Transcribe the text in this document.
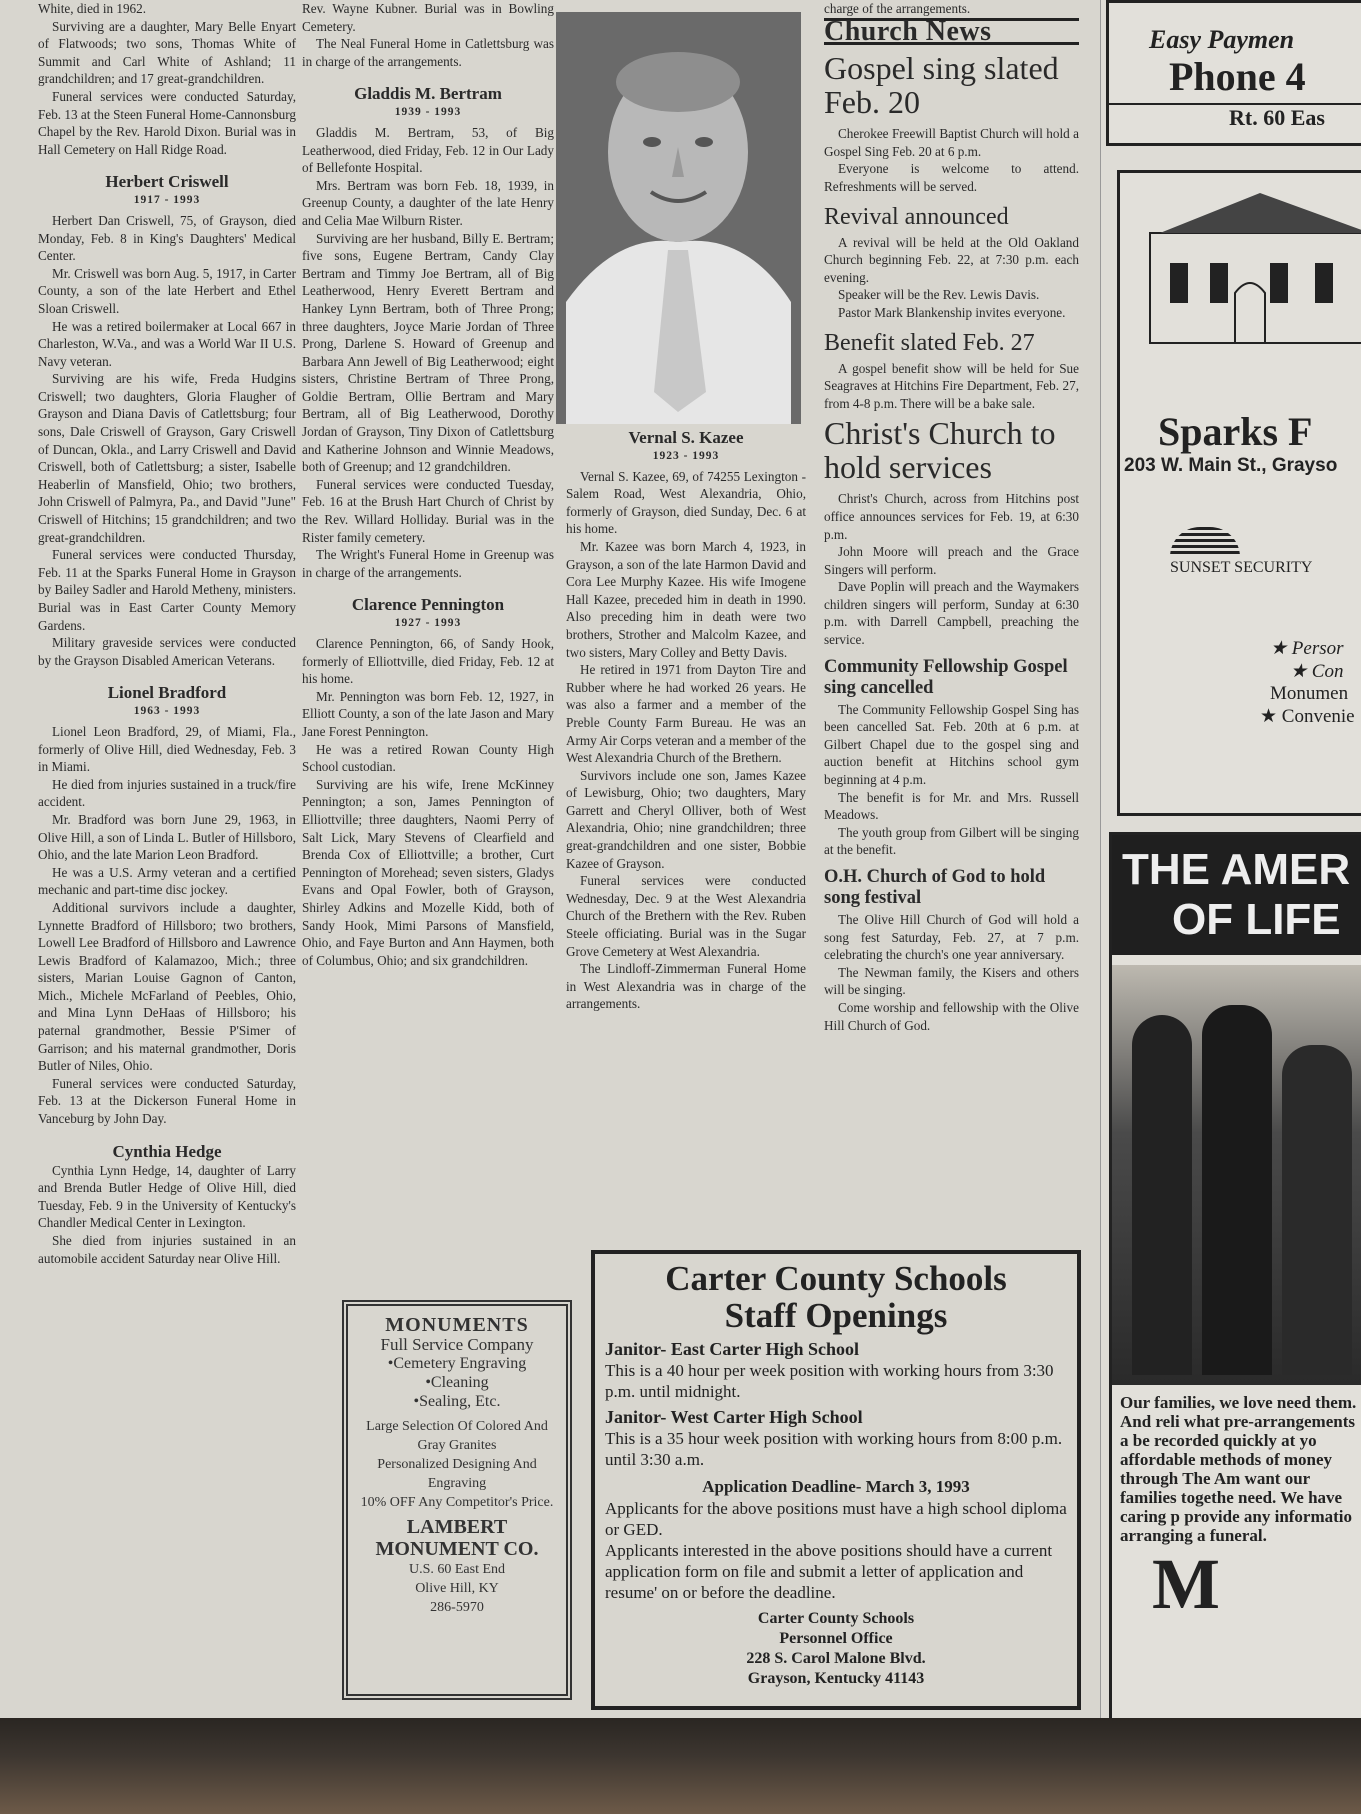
White, died in 1962.

Surviving are a daughter, Mary Belle Enyart of Flatwoods; two sons, Thomas White of Summit and Carl White of Ashland; 11 grandchildren; and 17 great-grandchildren.

Funeral services were conducted Saturday, Feb. 13 at the Steen Funeral Home-Cannonsburg Chapel by the Rev. Harold Dixon. Burial was in Hall Cemetery on Hall Ridge Road.

Herbert Criswell
1917 - 1993

Herbert Dan Criswell, 75, of Grayson, died Monday, Feb. 8 in King's Daughters' Medical Center.

Mr. Criswell was born Aug. 5, 1917, in Carter County, a son of the late Herbert and Ethel Sloan Criswell.

He was a retired boilermaker at Local 667 in Charleston, W.Va., and was a World War II U.S. Navy veteran.

Surviving are his wife, Freda Hudgins Criswell; two daughters, Gloria Flaugher of Grayson and Diana Davis of Catlettsburg; four sons, Dale Criswell of Grayson, Gary Criswell of Duncan, Okla., and Larry Criswell and David Criswell, both of Catlettsburg; a sister, Isabelle Heaberlin of Mansfield, Ohio; two brothers, John Criswell of Palmyra, Pa., and David "June" Criswell of Hitchins; 15 grandchildren; and two great-grandchildren.

Funeral services were conducted Thursday, Feb. 11 at the Sparks Funeral Home in Grayson by Bailey Sadler and Harold Metheny, ministers. Burial was in East Carter County Memory Gardens.

Military graveside services were conducted by the Grayson Disabled American Veterans.

Lionel Bradford
1963 - 1993

Lionel Leon Bradford, 29, of Miami, Fla., formerly of Olive Hill, died Wednesday, Feb. 3 in Miami.

He died from injuries sustained in a truck/fire accident.

Mr. Bradford was born June 29, 1963, in Olive Hill, a son of Linda L. Butler of Hillsboro, Ohio, and the late Marion Leon Bradford.

He was a U.S. Army veteran and a certified mechanic and part-time disc jockey.

Additional survivors include a daughter, Lynnette Bradford of Hillsboro; two brothers, Lowell Lee Bradford of Hillsboro and Lawrence Lewis Bradford of Kalamazoo, Mich.; three sisters, Marian Louise Gagnon of Canton, Mich., Michele McFarland of Peebles, Ohio, and Mina Lynn DeHaas of Hillsboro; his paternal grandmother, Bessie P'Simer of Garrison; and his maternal grandmother, Doris Butler of Niles, Ohio.

Funeral services were conducted Saturday, Feb. 13 at the Dickerson Funeral Home in Vanceburg by John Day.

Cynthia Hedge

Cynthia Lynn Hedge, 14, daughter of Larry and Brenda Butler Hedge of Olive Hill, died Tuesday, Feb. 9 in the University of Kentucky's Chandler Medical Center in Lexington.

She died from injuries sustained in an automobile accident Saturday near Olive Hill.

Rev. Wayne Kubner. Burial was in Bowling Cemetery.

The Neal Funeral Home in Catlettsburg was in charge of the arrangements.

Gladdis M. Bertram
1939 - 1993

Gladdis M. Bertram, 53, of Big Leatherwood, died Friday, Feb. 12 in Our Lady of Bellefonte Hospital.

Mrs. Bertram was born Feb. 18, 1939, in Greenup County, a daughter of the late Henry and Celia Mae Wilburn Rister.

Surviving are her husband, Billy E. Bertram; five sons, Eugene Bertram, Candy Clay Bertram and Timmy Joe Bertram, all of Big Leatherwood, Henry Everett Bertram and Hankey Lynn Bertram, both of Three Prong; three daughters, Joyce Marie Jordan of Three Prong, Darlene S. Howard of Greenup and Barbara Ann Jewell of Big Leatherwood; eight sisters, Christine Bertram of Three Prong, Goldie Bertram, Ollie Bertram and Mary Bertram, all of Big Leatherwood, Dorothy Jordan of Grayson, Tiny Dixon of Catlettsburg and Katherine Johnson and Winnie Meadows, both of Greenup; and 12 grandchildren.

Funeral services were conducted Tuesday, Feb. 16 at the Brush Hart Church of Christ by the Rev. Willard Holliday. Burial was in the Rister family cemetery.

The Wright's Funeral Home in Greenup was in charge of the arrangements.

Clarence Pennington
1927 - 1993

Clarence Pennington, 66, of Sandy Hook, formerly of Elliottville, died Friday, Feb. 12 at his home.

Mr. Pennington was born Feb. 12, 1927, in Elliott County, a son of the late Jason and Mary Jane Forest Pennington.

He was a retired Rowan County High School custodian.

Surviving are his wife, Irene McKinney Pennington; a son, James Pennington of Elliottville; three daughters, Naomi Perry of Salt Lick, Mary Stevens of Clearfield and Brenda Cox of Elliottville; a brother, Curt Pennington of Morehead; seven sisters, Gladys Evans and Opal Fowler, both of Grayson, Shirley Adkins and Mozelle Kidd, both of Sandy Hook, Mimi Parsons of Mansfield, Ohio, and Faye Burton and Ann Haymen, both of Columbus, Ohio; and six grandchildren.

Vernal S. Kazee
1923 - 1993

Vernal S. Kazee, 69, of 74255 Lexington - Salem Road, West Alexandria, Ohio, formerly of Grayson, died Sunday, Dec. 6 at his home.

Mr. Kazee was born March 4, 1923, in Grayson, a son of the late Harmon David and Cora Lee Murphy Kazee. His wife Imogene Hall Kazee, preceded him in death in 1990. Also preceding him in death were two brothers, Strother and Malcolm Kazee, and two sisters, Mary Colley and Betty Davis.

He retired in 1971 from Dayton Tire and Rubber where he had worked 26 years. He was also a farmer and a member of the Preble County Farm Bureau. He was an Army Air Corps veteran and a member of the West Alexandria Church of the Brethern.

Survivors include one son, James Kazee of Lewisburg, Ohio; two daughters, Mary Garrett and Cheryl Olliver, both of West Alexandria, Ohio; nine grandchildren; three great-grandchildren and one sister, Bobbie Kazee of Grayson.

Funeral services were conducted Wednesday, Dec. 9 at the West Alexandria Church of the Brethern with the Rev. Ruben Steele officiating. Burial was in the Sugar Grove Cemetery at West Alexandria.

The Lindloff-Zimmerman Funeral Home in West Alexandria was in charge of the arrangements.

charge of the arrangements.

Church News
Gospel sing slated Feb. 20

Cherokee Freewill Baptist Church will hold a Gospel Sing Feb. 20 at 6 p.m.

Everyone is welcome to attend. Refreshments will be served.

Revival announced

A revival will be held at the Old Oakland Church beginning Feb. 22, at 7:30 p.m. each evening.

Speaker will be the Rev. Lewis Davis.

Pastor Mark Blankenship invites everyone.

Benefit slated Feb. 27

A gospel benefit show will be held for Sue Seagraves at Hitchins Fire Department, Feb. 27, from 4-8 p.m. There will be a bake sale.

Christ's Church to hold services

Christ's Church, across from Hitchins post office announces services for Feb. 19, at 6:30 p.m.

John Moore will preach and the Grace Singers will perform.

Dave Poplin will preach and the Waymakers children singers will perform, Sunday at 6:30 p.m. with Darrell Campbell, preaching the service.

Community Fellowship Gospel sing cancelled

The Community Fellowship Gospel Sing has been cancelled Sat. Feb. 20th at 6 p.m. at Gilbert Chapel due to the gospel sing and auction benefit at Hitchins school gym beginning at 4 p.m.

The benefit is for Mr. and Mrs. Russell Meadows.

The youth group from Gilbert will be singing at the benefit.

O.H. Church of God to hold song festival

The Olive Hill Church of God will hold a song fest Saturday, Feb. 27, at 7 p.m. celebrating the church's one year anniversary.

The Newman family, the Kisers and others will be singing.

Come worship and fellowship with the Olive Hill Church of God.

MONUMENTS
Full Service Company
•Cemetery Engraving
•Cleaning
•Sealing, Etc.
Large Selection Of Colored And Gray Granites
Personalized Designing And Engraving
10% OFF Any Competitor's Price.
LAMBERT MONUMENT CO.
U.S. 60 East End
Olive Hill, KY
286-5970
Carter County Schools
Staff Openings
Janitor- East Carter High School
This is a 40 hour per week position with working hours from 3:30 p.m. until midnight.
Janitor- West Carter High School
This is a 35 hour week position with working hours from 8:00 p.m. until 3:30 a.m.
Application Deadline- March 3, 1993
Applicants for the above positions must have a high school diploma or GED.
Applicants interested in the above positions should have a current application form on file and submit a letter of application and resume' on or before the deadline.
Carter County Schools
Personnel Office
228 S. Carol Malone Blvd.
Grayson, Kentucky 41143
Easy Paymen
Phone 4
Rt. 60 Eas
Sparks F
203 W. Main St., Grayso
SUNSET SECURITY
★ Persor
★ Con
Monumen
★ Convenie
THE AMER
OF LIFE
Our families, we love need them. And reli what pre-arrangements a be recorded quickly at yo affordable methods of money through The Am want our families togethe need. We have caring p provide any informatio arranging a funeral.
M
